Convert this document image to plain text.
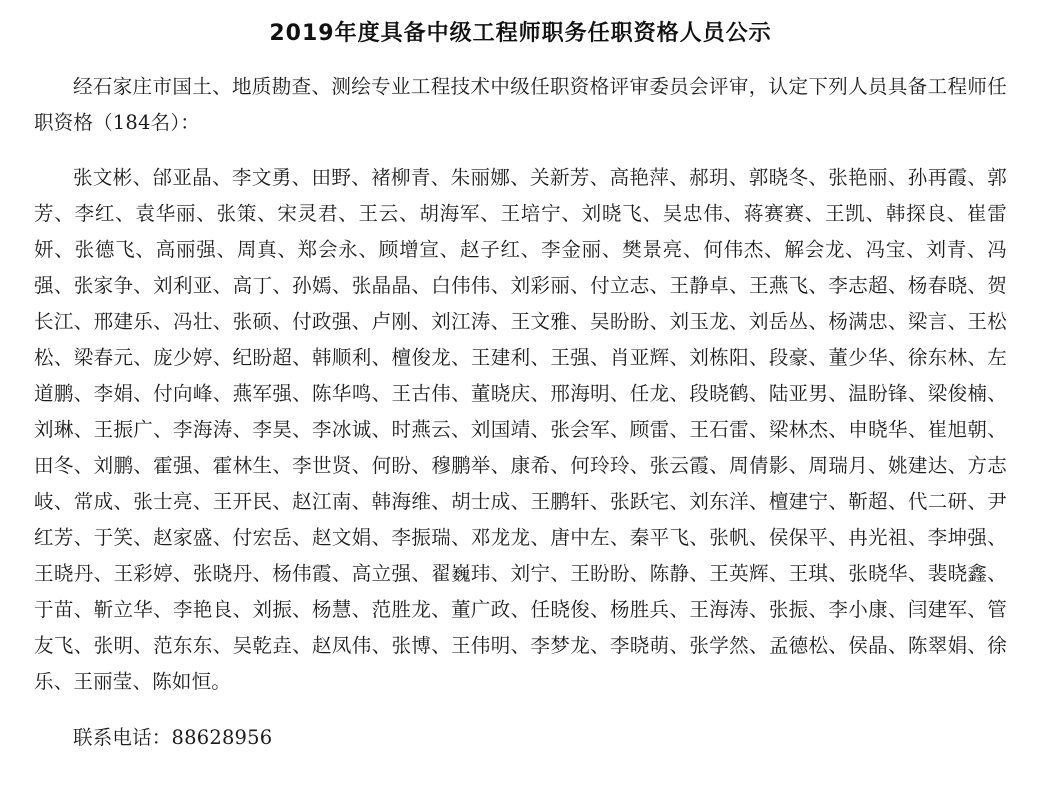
2019年度具备中级工程师职务任职资格人员公示

经石家庄市国土、地质勘查、测绘专业工程技术中级任职资格评审委员会评审，认定下列人员具备工程师任职资格（184名）：

张文彬、邰亚晶、李文勇、田野、褚柳青、朱丽娜、关新芳、高艳萍、郝玥、郭晓冬、张艳丽、孙再霞、郭芳、李红、袁华丽、张策、宋灵君、王云、胡海军、王培宁、刘晓飞、吴忠伟、蒋赛赛、王凯、韩探良、崔雷妍、张德飞、高丽强、周真、郑会永、顾增宣、赵子红、李金丽、樊景亮、何伟杰、解会龙、冯宝、刘青、冯强、张家争、刘利亚、高丁、孙嫣、张晶晶、白伟伟、刘彩丽、付立志、王静卓、王燕飞、李志超、杨春晓、贺长江、邢建乐、冯壮、张硕、付政强、卢刚、刘江涛、王文雅、吴盼盼、刘玉龙、刘岳丛、杨满忠、梁言、王松松、梁春元、庞少婷、纪盼超、韩顺利、檀俊龙、王建利、王强、肖亚辉、刘栋阳、段豪、董少华、徐东林、左道鹏、李娟、付向峰、燕军强、陈华鸣、王古伟、董晓庆、邢海明、任龙、段晓鹤、陆亚男、温盼锋、梁俊楠、刘琳、王振广、李海涛、李昊、李冰诚、时燕云、刘国靖、张会军、顾雷、王石雷、梁林杰、申晓华、崔旭朝、田冬、刘鹏、霍强、霍林生、李世贤、何盼、穆鹏举、康希、何玲玲、张云霞、周倩影、周瑞月、姚建达、方志岐、常成、张士亮、王开民、赵江南、韩海维、胡士成、王鹏轩、张跃宅、刘东洋、檀建宁、靳超、代二研、尹红芳、于笑、赵家盛、付宏岳、赵文娟、李振瑞、邓龙龙、唐中左、秦平飞、张帆、侯保平、冉光祖、李坤强、王晓丹、王彩婷、张晓丹、杨伟霞、高立强、翟巍玮、刘宁、王盼盼、陈静、王英辉、王琪、张晓华、裴晓鑫、于苗、靳立华、李艳良、刘振、杨慧、范胜龙、董广政、任晓俊、杨胜兵、王海涛、张振、李小康、闫建军、管友飞、张明、范东东、吴乾垚、赵凤伟、张博、王伟明、李梦龙、李晓萌、张学然、孟德松、侯晶、陈翠娟、徐乐、王丽莹、陈如恒。

联系电话：88628956
